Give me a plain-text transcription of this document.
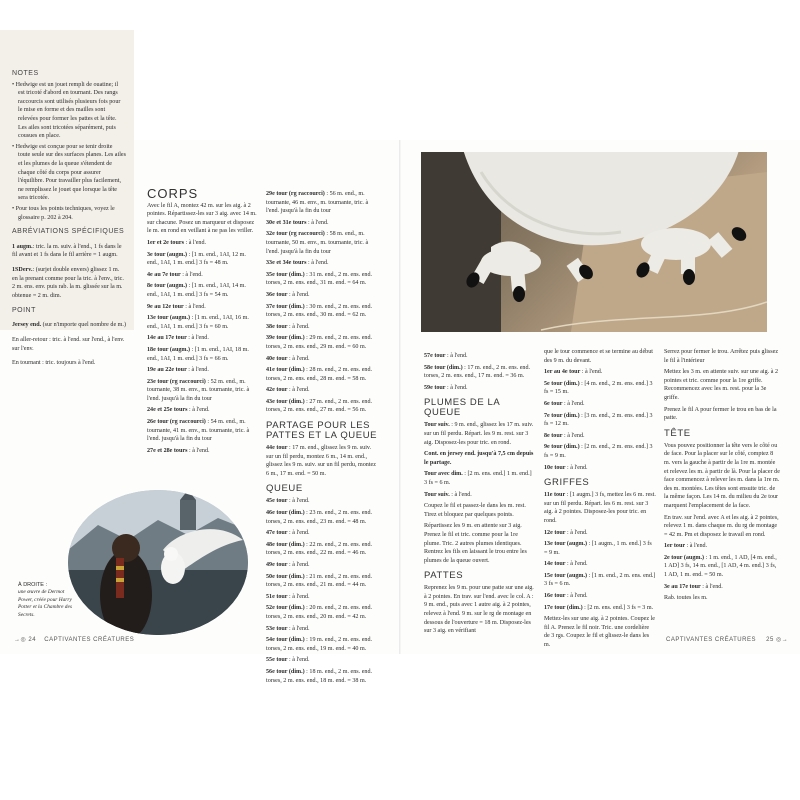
NOTES

• Hedwige est un jouet rempli de ouatine; il est tricoté d'abord en tournant. Des rangs raccourcis sont utilisés plusieurs fois pour le mise en forme et des mailles sont relevées pour former les pattes et la tête. Les ailes sont tricotées séparément, puis cousues en place.

• Hedwige est conçue pour se tenir droite toute seule sur des surfaces planes. Les ailes et les plumes de la queue s'étendent de chaque côté du corps pour assurer l'équilibre. Pour travailler plus facilement, ne remplissez le jouet que lorsque la tête sera tricotée.

• Pour tous les points techniques, voyez le glossaire p. 202 à 204.

ABRÉVIATIONS SPÉCIFIQUES

1 augm.: tric. la m. suiv. à l'end., 1 fs dans le fil avant et 1 fs dans le fil arrière = 1 augm.

1SDerv.: (surjet double envers) glissez 1 m. en la prenant comme pour la tric. à l'env., tric. 2 m. ens. env. puis rab. la m. glissée sur la m. obtenue = 2 m. dim.

POINT

Jersey end. (sur n'importe quel nombre de m.)

En aller-retour : tric. à l'end. sur l'end., à l'env. sur l'env.

En tournant : tric. toujours à l'end.

CORPS

Avec le fil A, montez 42 m. sur les aig. à 2 pointes. Répartissez-les sur 3 aig. avec 14 m. sur chacune. Posez un marqueur et disposez le m. en rond en veillant à ne pas les vriller.

1er et 2e tours : à l'end.

3e tour (augm.) : [1 m. end., 1AI, 12 m. end., 1AI, 1 m. end.] 3 fs = 48 m.

4e au 7e tour : à l'end.

8e tour (augm.) : [1 m. end., 1AI, 14 m. end., 1AI, 1 m. end.] 3 fs = 54 m.

9e au 12e tour : à l'end.

13e tour (augm.) : [1 m. end., 1AI, 16 m. end., 1AI, 1 m. end.] 3 fs = 60 m.

14e au 17e tour : à l'end.

18e tour (augm.) : [1 m. end., 1AI, 18 m. end., 1AI, 1 m. end.] 3 fs = 66 m.

19e au 22e tour : à l'end.

23e tour (rg raccourci) : 52 m. end., m. tournante, 38 m. env., m. tournante, tric. à l'end. jusqu'à la fin du tour

24e et 25e tours : à l'end.

26e tour (rg raccourci) : 54 m. end., m. tournante, 41 m. env., m. tournante, tric. à l'end. jusqu'à la fin du tour

27e et 28e tours : à l'end.

29e tour (rg raccourci) : 56 m. end., m. tournante, 46 m. env., m. tournante, tric. à l'end. jusqu'à la fin du tour

30e et 31e tours : à l'end.

32e tour (rg raccourci) : 58 m. end., m. tournante, 50 m. env., m. tournante, tric. à l'end. jusqu'à la fin du tour

33e et 34e tours : à l'end.

35e tour (dim.) : 31 m. end., 2 m. ens. end. torses, 2 m. ens. end., 31 m. end. = 64 m.

36e tour : à l'end.

37e tour (dim.) : 30 m. end., 2 m. ens. end. torses, 2 m. ens. end., 30 m. end. = 62 m.

38e tour : à l'end.

39e tour (dim.) : 29 m. end., 2 m. ens. end. torses, 2 m. ens. end., 29 m. end. = 60 m.

40e tour : à l'end.

41e tour (dim.) : 28 m. end., 2 m. ens. end. torses, 2 m. ens. end., 28 m. end. = 58 m.

42e tour : à l'end.

43e tour (dim.) : 27 m. end., 2 m. ens. end. torses, 2 m. ens. end., 27 m. end. = 56 m.

PARTAGE POUR LES PATTES ET LA QUEUE

44e tour : 17 m. end., glissez les 9 m. suiv. sur un fil perdu, montez 6 m., 14 m. end., glissez les 9 m. suiv. sur un fil perdu, montez 6 m., 17 m. end. = 50 m.

QUEUE

45e tour : à l'end.

46e tour (dim.) : 23 m. end., 2 m. ens. end. torses, 2 m. ens. end., 23 m. end. = 48 m.

47e tour : à l'end.

48e tour (dim.) : 22 m. end., 2 m. ens. end. torses, 2 m. ens. end., 22 m. end. = 46 m.

49e tour : à l'end.

50e tour (dim.) : 21 m. end., 2 m. ens. end. torses, 2 m. ens. end., 21 m. end. = 44 m.

51e tour : à l'end.

52e tour (dim.) : 20 m. end., 2 m. ens. end. torses, 2 m. ens. end., 20 m. end. = 42 m.

53e tour : à l'end.

54e tour (dim.) : 19 m. end., 2 m. ens. end. torses, 2 m. ens. end., 19 m. end. = 40 m.

55e tour : à l'end.

56e tour (dim.) : 18 m. end., 2 m. ens. end. torses, 2 m. ens. end., 18 m. end. = 38 m.

À DROITE :
une œuvre de Dermot Power, créée pour Harry Potter et la Chambre des Secrets.
→◎ 24 CAPTIVANTES CRÉATURES

57e tour : à l'end.

58e tour (dim.) : 17 m. end., 2 m. ens. end. torses, 2 m. ens. end., 17 m. end. = 36 m.

59e tour : à l'end.

PLUMES DE LA QUEUE

Tour suiv. : 9 m. end., glissez les 17 m. suiv. sur un fil perdu. Répart. les 9 m. rest. sur 3 aig. Disposez-les pour tric. en rond.

Cont. en jersey end. jusqu'à 7,5 cm depuis le partage.

Tour avec dim. : [2 m. ens. end.] 1 m. end.] 3 fs = 6 m.

Tour suiv. : à l'end.

Coupez le fil et passez-le dans les m. rest. Tirez et bloquez par quelques points.

Répartissez les 9 m. en attente sur 3 aig. Prenez le fil et tric. comme pour la 1re plume. Tric. 2 autres plumes identiques. Rentrez les fils en laissant le trou entre les plumes de la queue ouvert.

PATTES

Reprenez les 9 m. pour une patte sur une aig. à 2 pointes. En trav. sur l'end. avec le col. A : 9 m. end., puis avec 1 autre aig. à 2 pointes, relevez à l'end. 9 m. sur le rg de montage en dessous de l'ouverture = 18 m. Disposez-les sur 3 aig. en vérifiant

que le tour commence et se termine au début des 9 m. du devant.

1er au 4e tour : à l'end.

5e tour (dim.) : [4 m. end., 2 m. ens. end.] 3 fs = 15 m.

6e tour : à l'end.

7e tour (dim.) : [3 m. end., 2 m. ens. end.] 3 fs = 12 m.

8e tour : à l'end.

9e tour (dim.) : [2 m. end., 2 m. ens. end.] 3 fs = 9 m.

10e tour : à l'end.

GRIFFES

11e tour : [1 augm.] 3 fs, mettez les 6 m. rest. sur un fil perdu. Répart. les 6 m. rest. sur 3 aig. à 2 pointes. Disposez-les pour tric. en rond.

12e tour : à l'end.

13e tour (augm.) : [1 augm., 1 m. end.] 3 fs = 9 m.

14e tour : à l'end.

15e tour (augm.) : [1 m. end., 2 m. ens. end.] 3 fs = 6 m.

16e tour : à l'end.

17e tour (dim.) : [2 m. ens. end.] 3 fs = 3 m.

Mettez-les sur une aig. à 2 pointes. Coupez le fil A. Prenez le fil noir. Tric. une cordelière de 3 rgs. Coupez le fil et glissez-le dans les m.

Serrez pour fermer le trou. Arrêtez puis glissez le fil à l'intérieur

Mettez les 3 m. en attente suiv. sur une aig. à 2 pointes et tric. comme pour la 1re griffe. Recommencez avec les m. rest. pour la 3e griffe.

Prenez le fil A pour fermer le trou en bas de la patte.

TÊTE

Vous pouvez positionner la tête vers le côté ou de face. Pour la placer sur le côté, comptez 8 m. vers la gauche à partir de la 1re m. montée et relevez les m. à partir de là. Pour la placer de face commencez à relever les m. dans la 1re m. des m. montées. Les têtes sont ensuite tric. de la même façon. Les 14 m. du milieu du 2e tour marquent l'emplacement de la face.

En trav. sur l'end. avec A et les aig. à 2 pointes, relevez 1 m. dans chaque m. du rg de montage = 42 m. Pm et disposez le travail en rond.

1er tour : à l'end.

2e tour (augm.) : 1 m. end., 1 AD, [4 m. end., 1 AD] 3 fs, 14 m. end., [1 AD, 4 m. end.] 3 fs, 1 AD, 1 m. end. = 50 m.

3e au 17e tour : à l'end.

Rab. toutes les m.

CAPTIVANTES CRÉATURES 25 ◎→
